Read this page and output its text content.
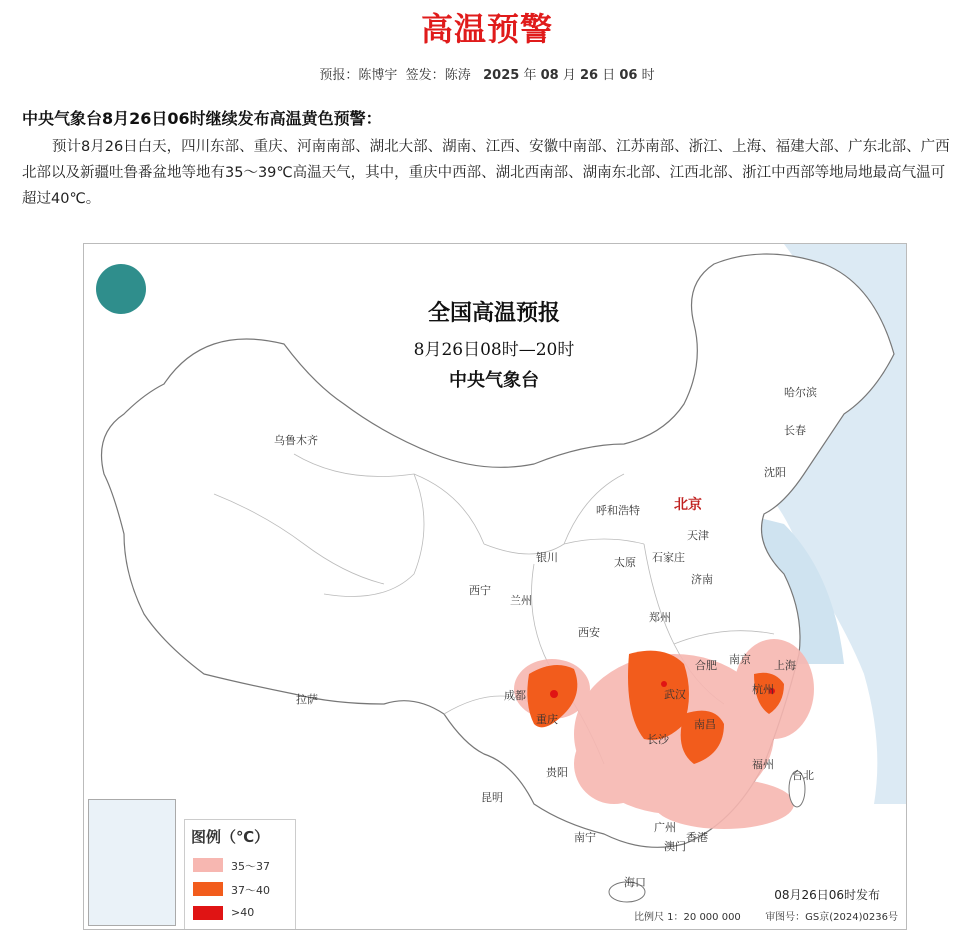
高温预警
预报：陈博宇 签发：陈涛 2025 年 08 月 26 日 06 时
中央气象台8月26日06时继续发布高温黄色预警：
预计8月26日白天，四川东部、重庆、河南南部、湖北大部、湖南、江西、安徽中南部、江苏南部、浙江、上海、福建大部、广东北部、广西北部以及新疆吐鲁番盆地等地有35～39℃高温天气，其中，重庆中西部、湖北西南部、湖南东北部、江西北部、浙江中西部等地局地最高气温可超过40℃。
全国高温预报
8月26日08时—20时
中央气象台
乌鲁木齐
哈尔滨
长春
沈阳
北京
天津
呼和浩特
太原 石家庄
济南
银川
西宁
兰州
郑州
西安
合肥 南京 上海
杭州
武汉
成都
重庆
长沙
南昌
拉萨
贵阳
福州
台北
昆明
南宁
广州
香港
澳门
海口
图例（℃）
35～37
37～40
>40
08月26日06时发布
比例尺 1：20 000 000 审图号：GS京(2024)0236号
